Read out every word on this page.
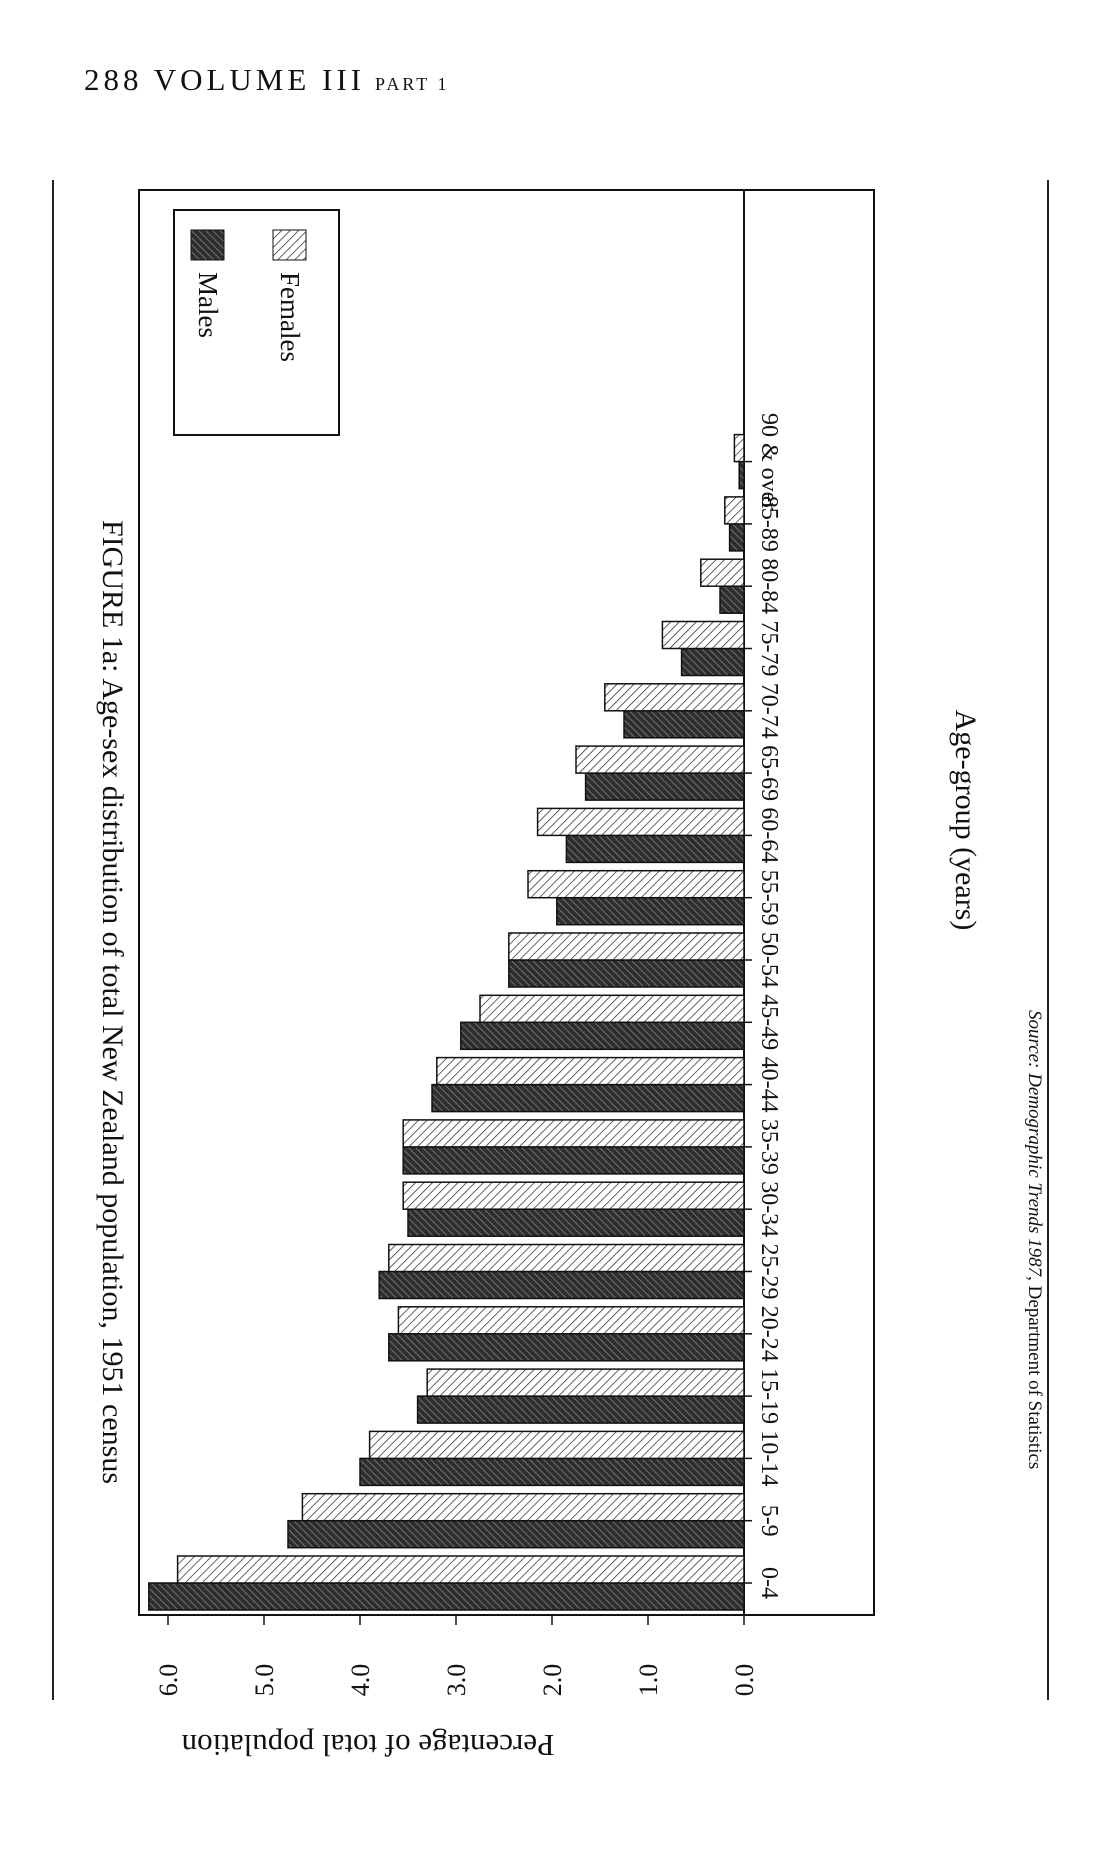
288 VOLUME III PART 1
FIGURE 1a: Age-sex distribution of total New Zealand population, 1951 census
0-4
5-9
10-14
15-19
20-24
25-29
30-34
35-39
40-44
45-49
50-54
55-59
60-64
65-69
70-74
75-79
80-84
85-89
90 & over
Age-group (years)
Males Females
Source: Demographic Trends 1987, Department of Statistics
0.0
1.0
2.0
3.0
4.0
5.0
6.0
Percentage of total population
